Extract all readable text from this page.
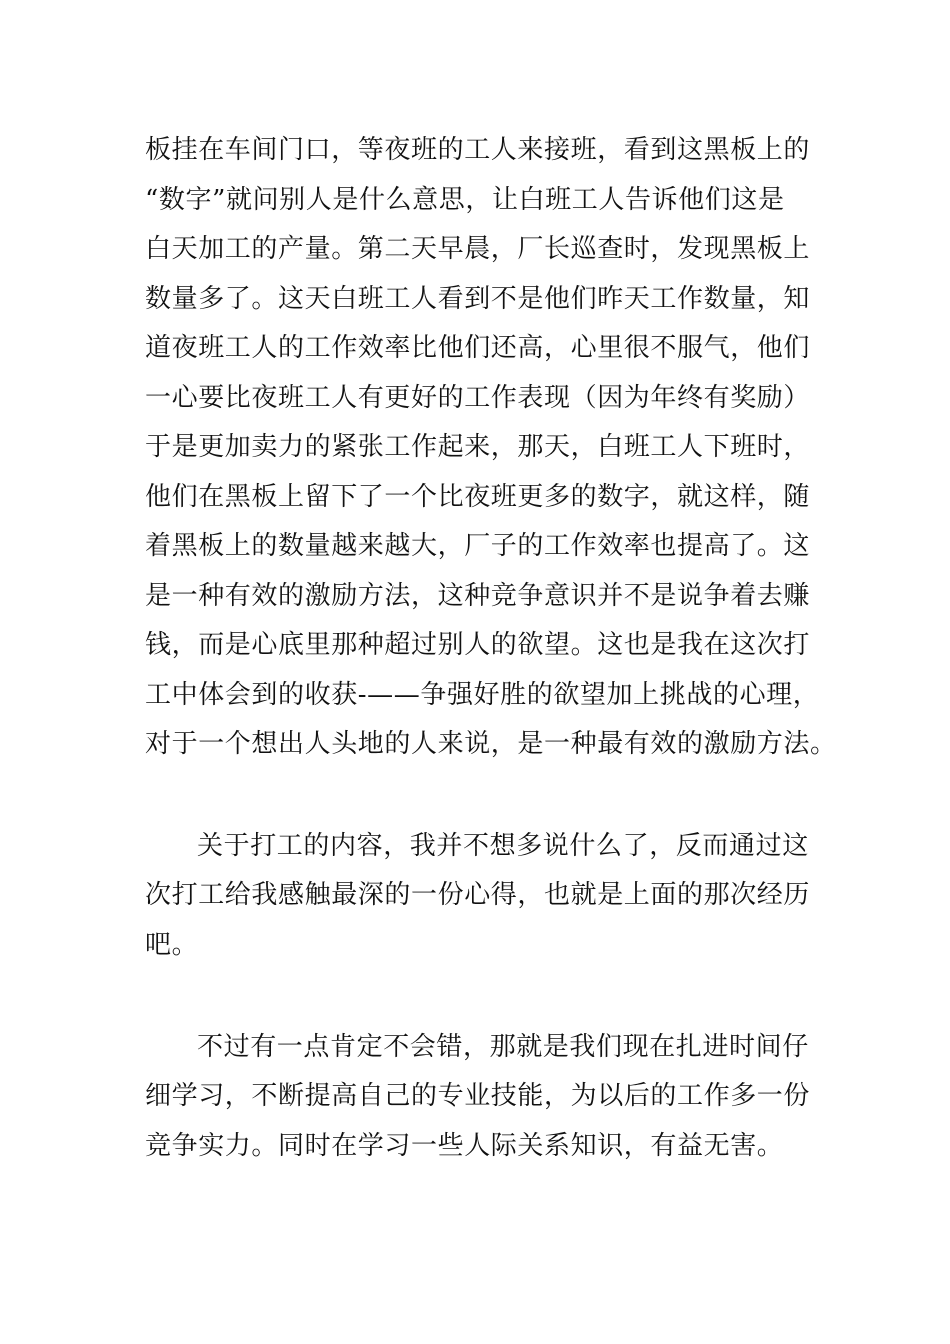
板挂在车间门口，等夜班的工人来接班，看到这黑板上的
“数字”就问别人是什么意思，让白班工人告诉他们这是
白天加工的产量。第二天早晨，厂长巡查时，发现黑板上
数量多了。这天白班工人看到不是他们昨天工作数量，知
道夜班工人的工作效率比他们还高，心里很不服气，他们
一心要比夜班工人有更好的工作表现（因为年终有奖励）
于是更加卖力的紧张工作起来，那天，白班工人下班时，
他们在黑板上留下了一个比夜班更多的数字，就这样，随
着黑板上的数量越来越大，厂子的工作效率也提高了。这
是一种有效的激励方法，这种竞争意识并不是说争着去赚
钱，而是心底里那种超过别人的欲望。这也是我在这次打
工中体会到的收获-——争强好胜的欲望加上挑战的心理，
对于一个想出人头地的人来说，是一种最有效的激励方法。
关于打工的内容，我并不想多说什么了，反而通过这
次打工给我感触最深的一份心得，也就是上面的那次经历
吧。
不过有一点肯定不会错，那就是我们现在扎进时间仔
细学习，不断提高自己的专业技能，为以后的工作多一份
竞争实力。同时在学习一些人际关系知识，有益无害。
